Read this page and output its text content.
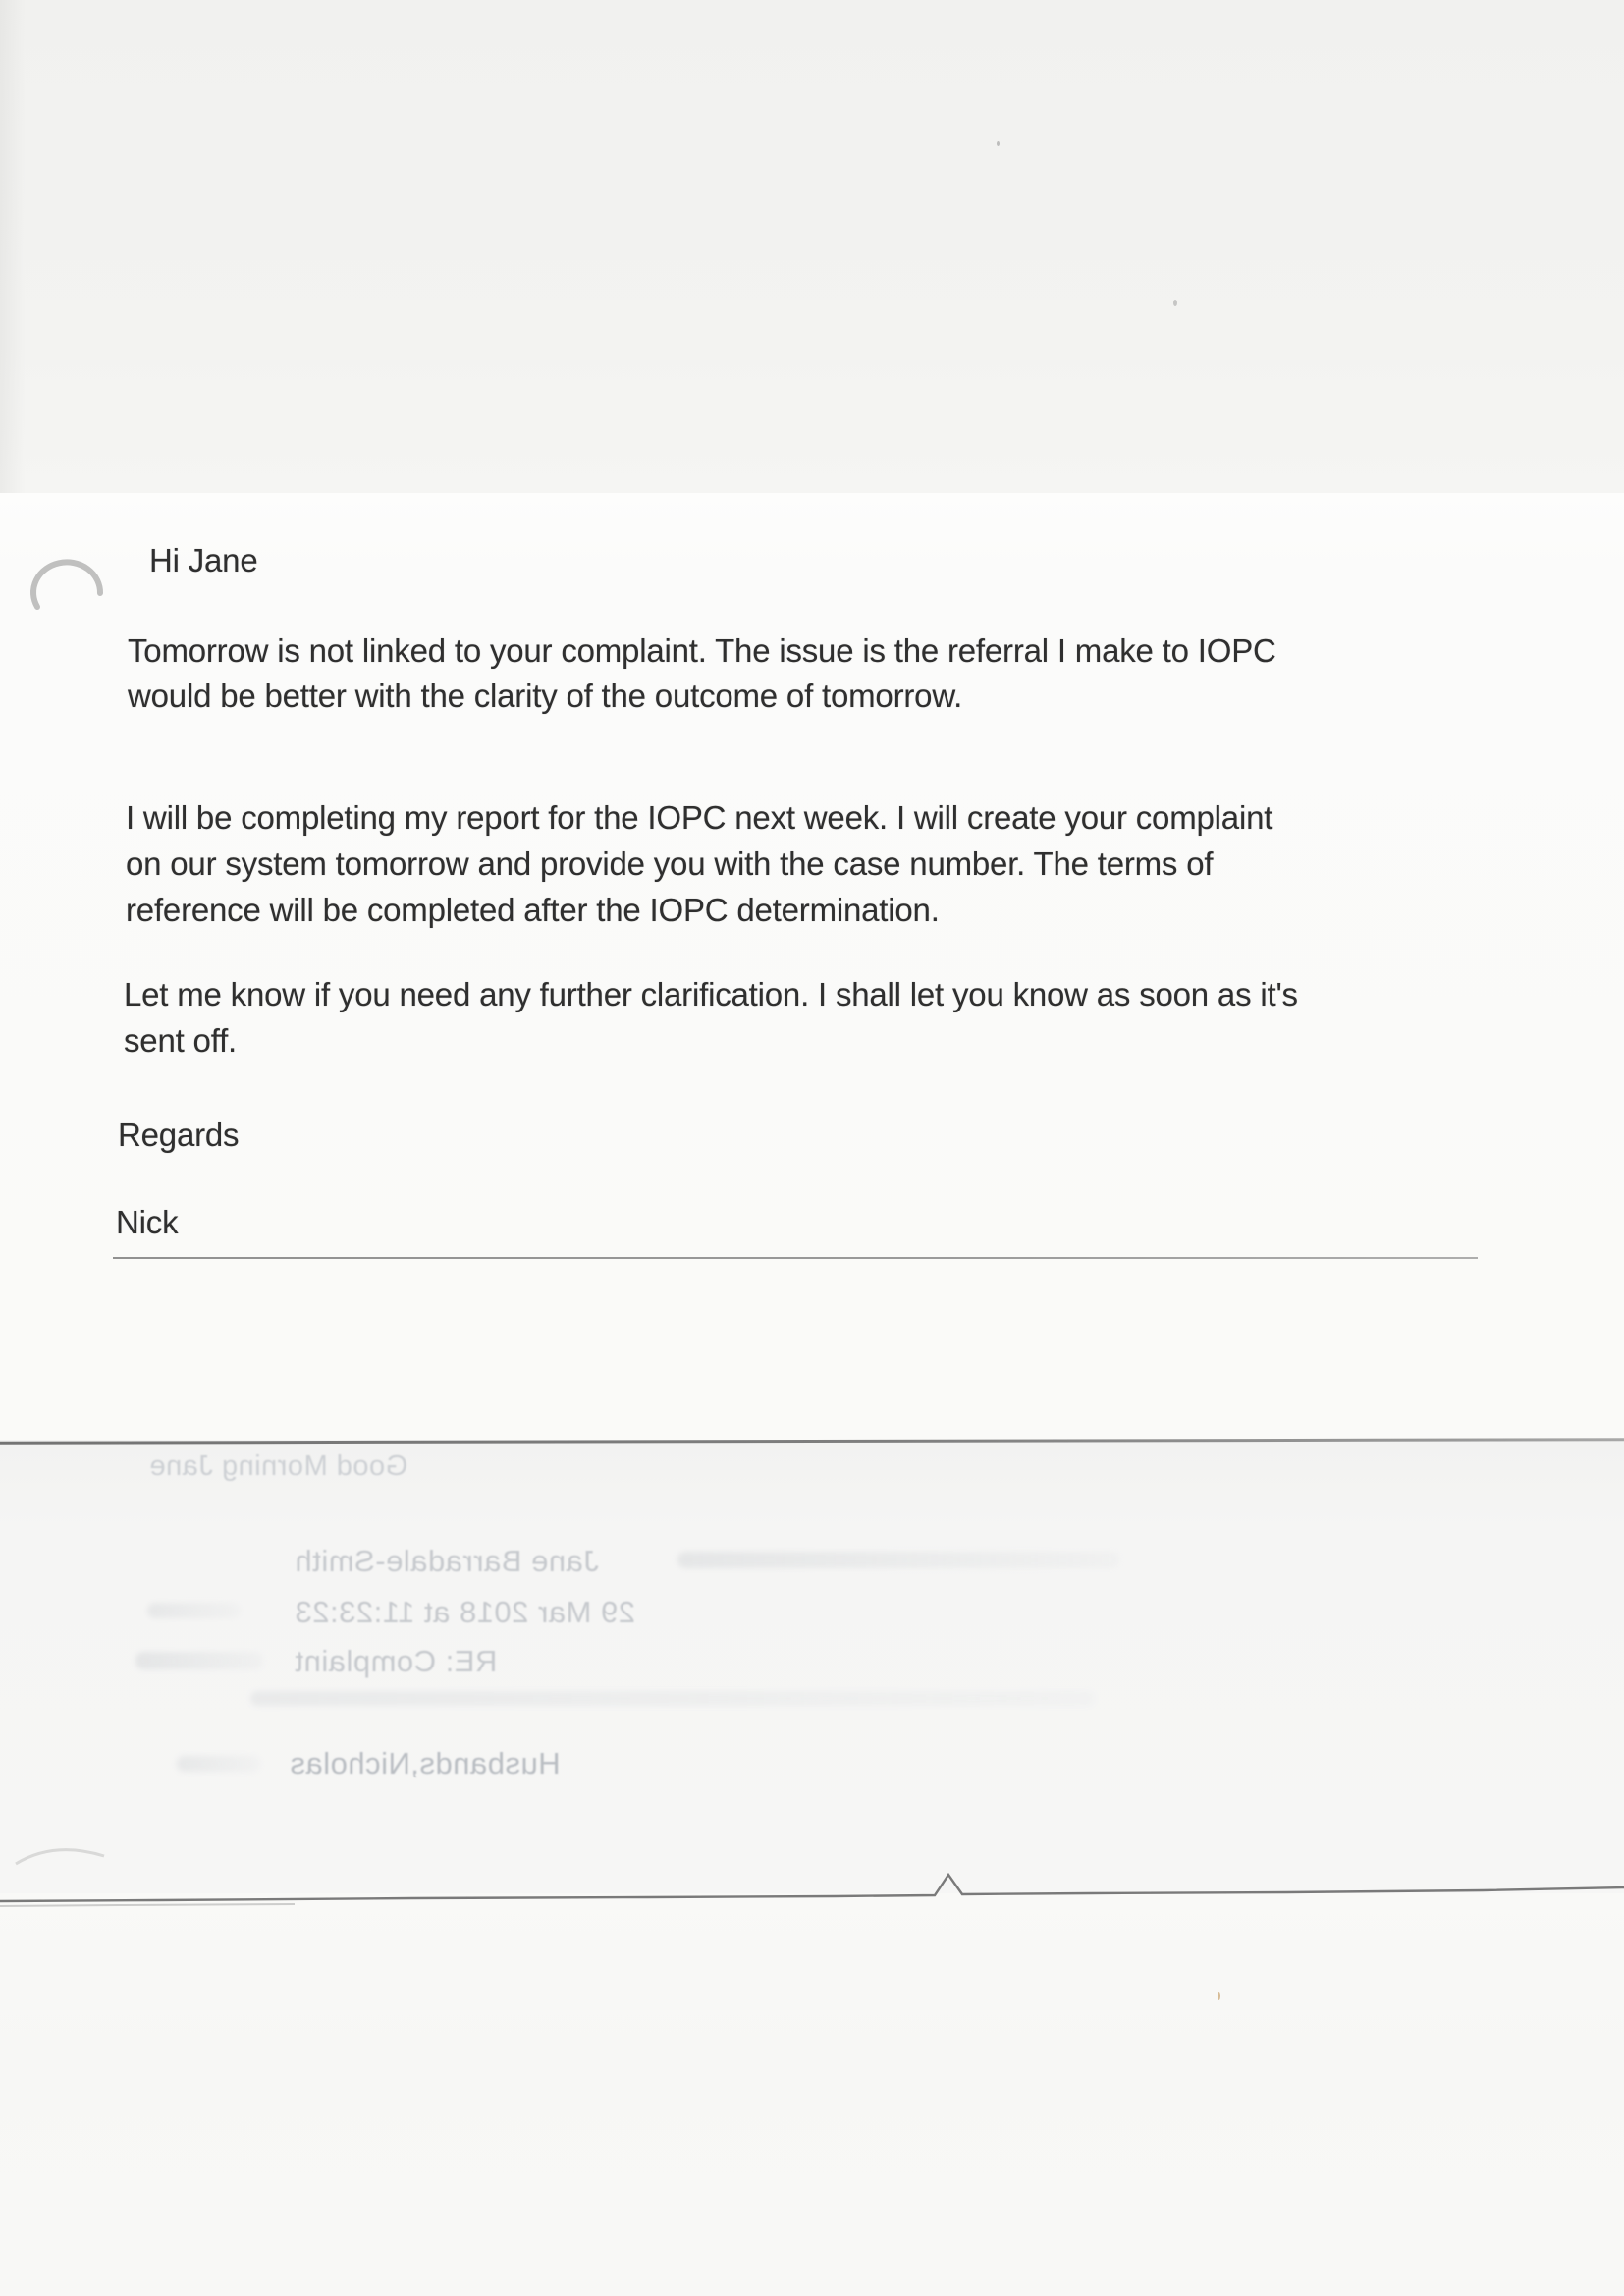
Hi Jane
Tomorrow is not linked to your complaint. The issue is the referral I make to IOPC
would be better with the clarity of the outcome of tomorrow.
I will be completing my report for the IOPC next week. I will create your complaint
on our system tomorrow and provide you with the case number. The terms of
reference will be completed after the IOPC determination.
Let me know if you need any further clarification. I shall let you know as soon as it's
sent off.
Regards
Nick
Good Morning Jane
Jane Barradale-Smith
29 Mar 2018 at 11:23:23
RE: Complaint
Husbands,Nicholas
